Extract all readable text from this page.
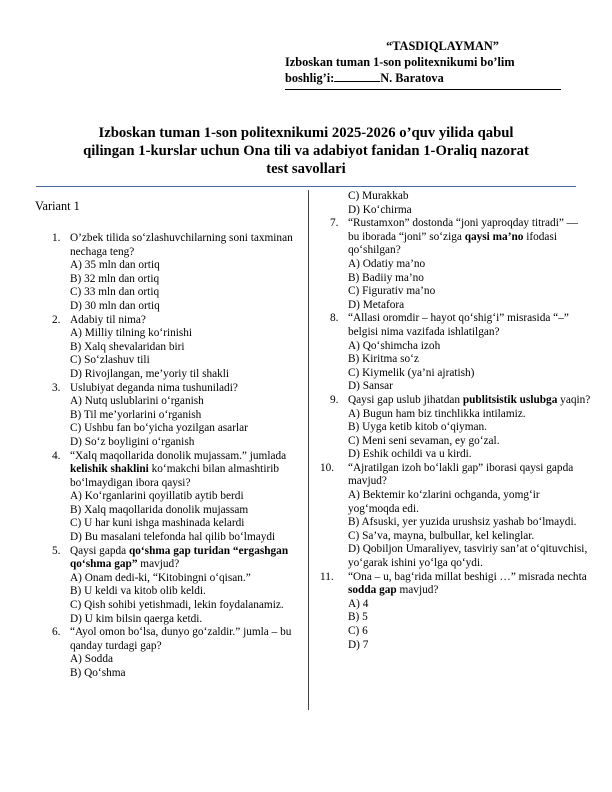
“TASDIQLAYMAN”
Izboskan tuman 1-son politexnikumi bo’lim
boshlig’i:	N. Baratova
Izboskan tuman 1-son politexnikumi 2025-2026 o’quv yilida qabul
qilingan 1-kurslar uchun Ona tili va adabiyot fanidan 1-Oraliq nazorat
test savollari
Variant 1
1. O’zbek tilida so‘zlashuvchilarning soni taxminan nechaga teng?
A) 35 mln dan ortiq
B) 32 mln dan ortiq
C) 33 mln dan ortiq
D) 30 mln dan ortiq
2. Adabiy til nima?
A) Milliy tilning ko‘rinishi
B) Xalq shevalaridan biri
C) So‘zlashuv tili
D) Rivojlangan, me’yoriy til shakli
3. Uslubiyat deganda nima tushuniladi?
A) Nutq uslublarini o‘rganish
B) Til me’yorlarini o‘rganish
C) Ushbu fan bo‘yicha yozilgan asarlar
D) So‘z boyligini o‘rganish
4. “Xalq maqollarida donolik mujassam.” jumlada kelishik shaklini ko‘makchi bilan almashtirib bo‘lmaydigan ibora qaysi?
A) Ko‘rganlarini qoyillatib aytib berdi
B) Xalq maqollarida donolik mujassam
C) U har kuni ishga mashinada kelardi
D) Bu masalani telefonda hal qilib bo‘lmaydi
5. Qaysi gapda qo‘shma gap turidan “ergashgan qo‘shma gap” mavjud?
A) Onam dedi-ki, “Kitobingni o‘qisan.”
B) U keldi va kitob olib keldi.
C) Qish sohibi yetishmadi, lekin foydalanamiz.
D) U kim bilsin qaerga ketdi.
6. “Ayol omon bo‘lsa, dunyo go‘zaldir.” jumla – bu qanday turdagi gap?
A) Sodda
B) Qo‘shma
C) Murakkab
D) Ko‘chirma
7. “Rustamxon” dostonda “joni yaproqday titradi” — bu iborada “joni” so‘ziga qaysi ma’no ifodasi qo‘shilgan?
A) Odatiy ma’no
B) Badiiy ma’no
C) Figurativ ma’no
D) Metafora
8. “Allasi oromdir – hayot qo‘shig‘i” misrasida “–” belgisi nima vazifada ishlatilgan?
A) Qo‘shimcha izoh
B) Kiritma so‘z
C) Kiymelik (ya’ni ajratish)
D) Sansar
9. Qaysi gap uslub jihatdan publitsistik uslubga yaqin?
A) Bugun ham biz tinchlikka intilamiz.
B) Uyga ketib kitob o‘qiyman.
C) Meni seni sevaman, ey go‘zal.
D) Eshik ochildi va u kirdi.
10. “Ajratilgan izoh bo‘lakli gap” iborasi qaysi gapda mavjud?
A) Bektemir ko‘zlarini ochganda, yomg‘ir yog‘moqda edi.
B) Afsuski, yer yuzida urushsiz yashab bo‘lmaydi.
C) Sa’va, mayna, bulbullar, kel kelinglar.
D) Qobiljon Umaraliyev, tasviriy san’at o‘qituvchisi, yo‘garak ishini yo‘lga qo‘ydi.
11. “Ona – u, bag‘rida millat beshigi …” misrada nechta sodda gap mavjud?
A) 4
B) 5
C) 6
D) 7
